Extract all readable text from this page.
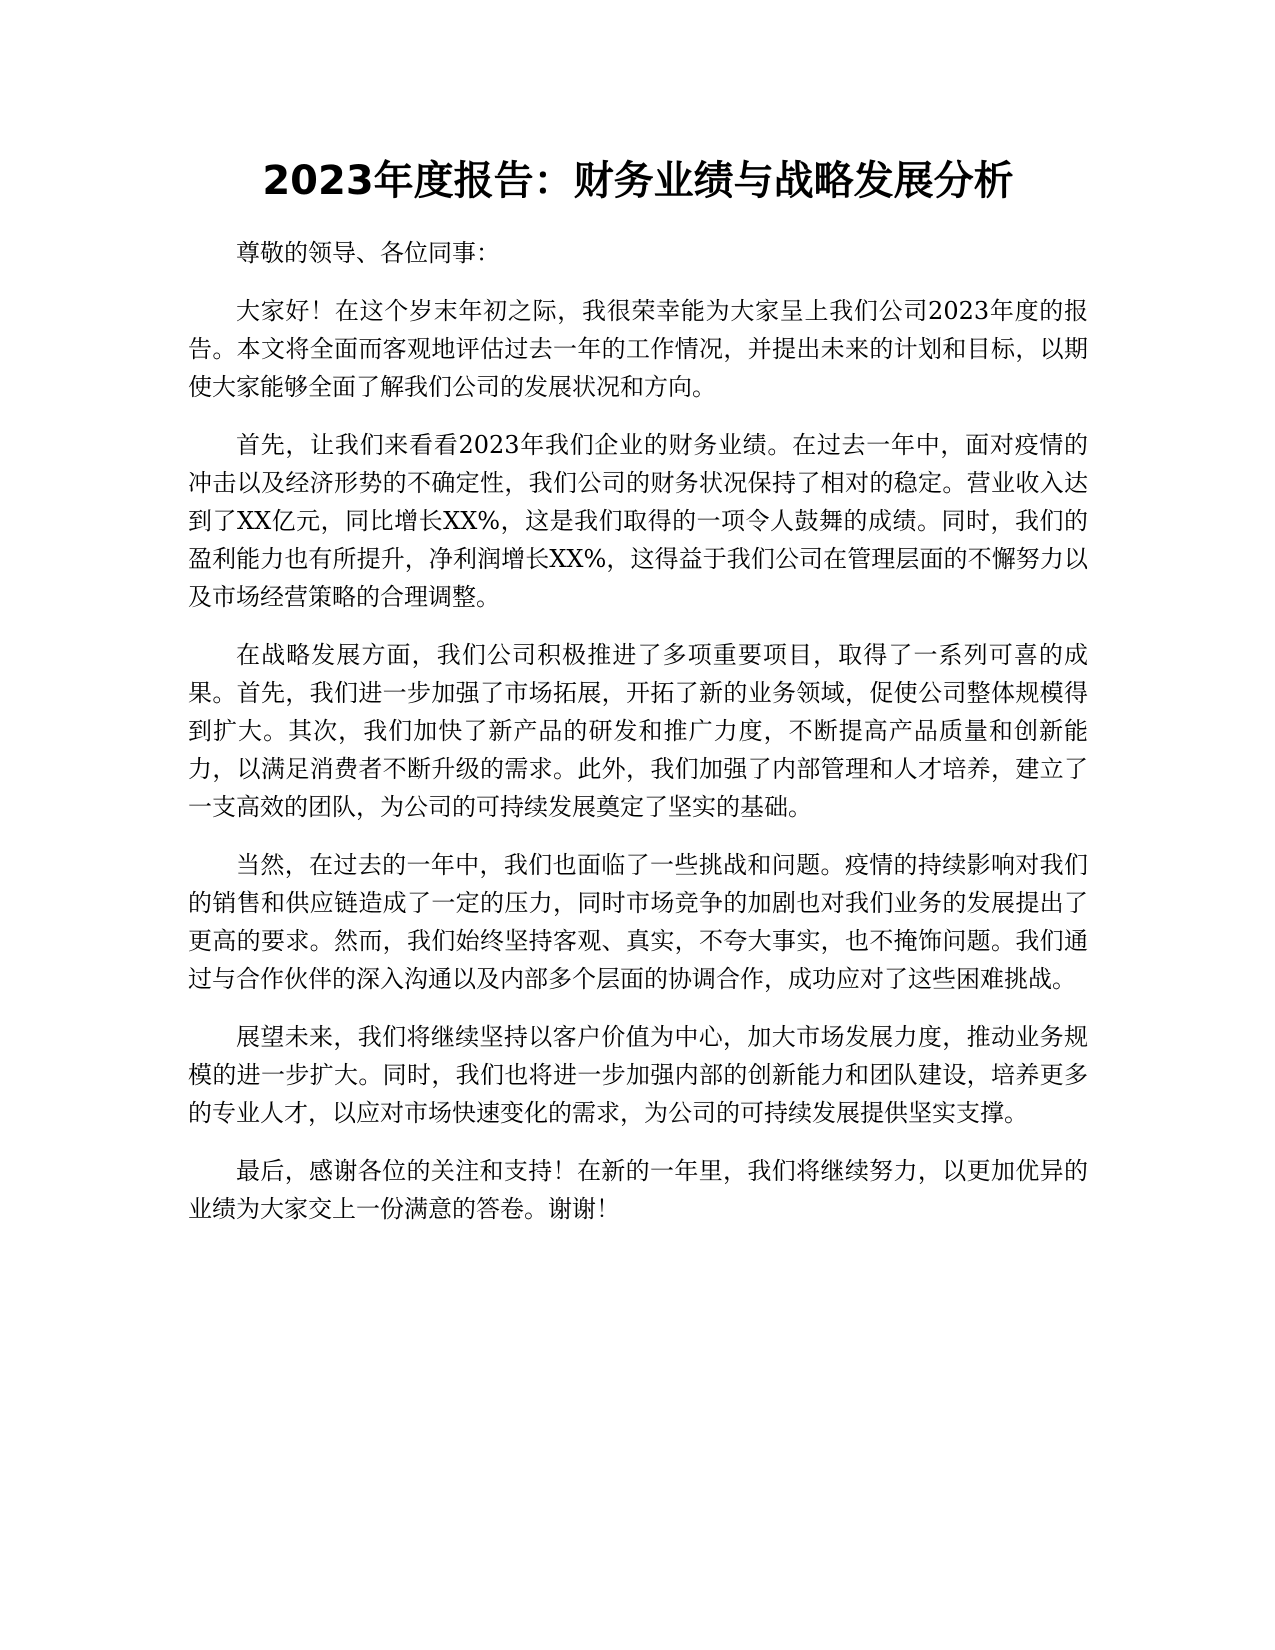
2023年度报告：财务业绩与战略发展分析

尊敬的领导、各位同事：

大家好！在这个岁末年初之际，我很荣幸能为大家呈上我们公司2023年度的报告。本文将全面而客观地评估过去一年的工作情况，并提出未来的计划和目标，以期使大家能够全面了解我们公司的发展状况和方向。

首先，让我们来看看2023年我们企业的财务业绩。在过去一年中，面对疫情的冲击以及经济形势的不确定性，我们公司的财务状况保持了相对的稳定。营业收入达到了XX亿元，同比增长XX%，这是我们取得的一项令人鼓舞的成绩。同时，我们的盈利能力也有所提升，净利润增长XX%，这得益于我们公司在管理层面的不懈努力以及市场经营策略的合理调整。

在战略发展方面，我们公司积极推进了多项重要项目，取得了一系列可喜的成果。首先，我们进一步加强了市场拓展，开拓了新的业务领域，促使公司整体规模得到扩大。其次，我们加快了新产品的研发和推广力度，不断提高产品质量和创新能力，以满足消费者不断升级的需求。此外，我们加强了内部管理和人才培养，建立了一支高效的团队，为公司的可持续发展奠定了坚实的基础。

当然，在过去的一年中，我们也面临了一些挑战和问题。疫情的持续影响对我们的销售和供应链造成了一定的压力，同时市场竞争的加剧也对我们业务的发展提出了更高的要求。然而，我们始终坚持客观、真实，不夸大事实，也不掩饰问题。我们通过与合作伙伴的深入沟通以及内部多个层面的协调合作，成功应对了这些困难挑战。

展望未来，我们将继续坚持以客户价值为中心，加大市场发展力度，推动业务规模的进一步扩大。同时，我们也将进一步加强内部的创新能力和团队建设，培养更多的专业人才，以应对市场快速变化的需求，为公司的可持续发展提供坚实支撑。

最后，感谢各位的关注和支持！在新的一年里，我们将继续努力，以更加优异的业绩为大家交上一份满意的答卷。谢谢！
